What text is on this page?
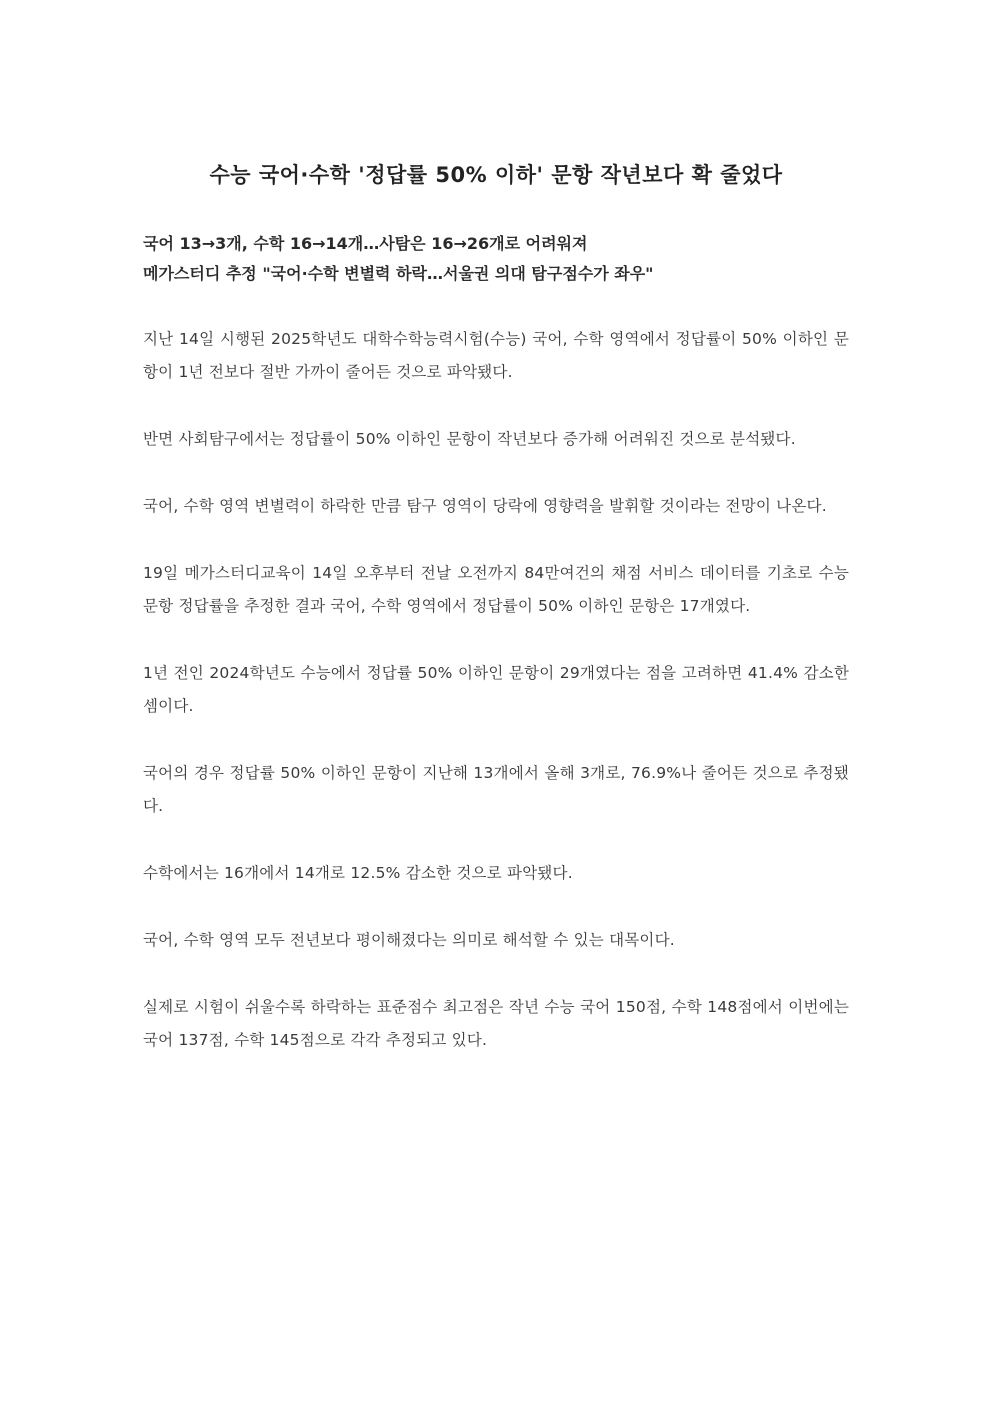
수능 국어·수학 '정답률 50% 이하' 문항 작년보다 확 줄었다

국어 13→3개, 수학 16→14개…사탐은 16→26개로 어려워져

메가스터디 추정 "국어·수학 변별력 하락…서울권 의대 탐구점수가 좌우"

지난 14일 시행된 2025학년도 대학수학능력시험(수능) 국어, 수학 영역에서 정답률이 50% 이하인 문항이 1년 전보다 절반 가까이 줄어든 것으로 파악됐다.

반면 사회탐구에서는 정답률이 50% 이하인 문항이 작년보다 증가해 어려워진 것으로 분석됐다.

국어, 수학 영역 변별력이 하락한 만큼 탐구 영역이 당락에 영향력을 발휘할 것이라는 전망이 나온다.

19일 메가스터디교육이 14일 오후부터 전날 오전까지 84만여건의 채점 서비스 데이터를 기초로 수능 문항 정답률을 추정한 결과 국어, 수학 영역에서 정답률이 50% 이하인 문항은 17개였다.

1년 전인 2024학년도 수능에서 정답률 50% 이하인 문항이 29개였다는 점을 고려하면 41.4% 감소한 셈이다.

국어의 경우 정답률 50% 이하인 문항이 지난해 13개에서 올해 3개로, 76.9%나 줄어든 것으로 추정됐다.

수학에서는 16개에서 14개로 12.5% 감소한 것으로 파악됐다.

국어, 수학 영역 모두 전년보다 평이해졌다는 의미로 해석할 수 있는 대목이다.

실제로 시험이 쉬울수록 하락하는 표준점수 최고점은 작년 수능 국어 150점, 수학 148점에서 이번에는 국어 137점, 수학 145점으로 각각 추정되고 있다.
